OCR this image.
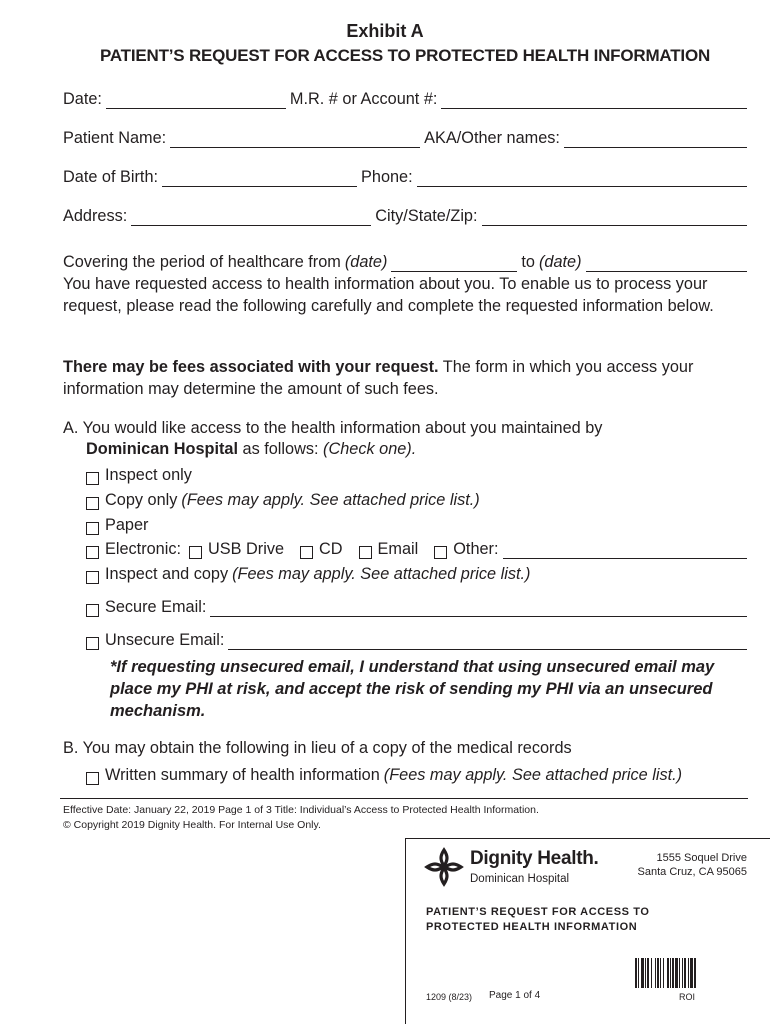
Exhibit A
PATIENT’S REQUEST FOR ACCESS TO PROTECTED HEALTH INFORMATION
Date:	M.R. # or Account #:
Patient Name:	AKA/Other names:
Date of Birth:	Phone:
Address:	City/State/Zip:
Covering the period of healthcare from (date)	to (date)
You have requested access to health information about you. To enable us to process your request, please read the following carefully and complete the requested information below.
There may be fees associated with your request. The form in which you access your information may determine the amount of such fees.
A. You would like access to the health information about you maintained by
Dominican Hospital as follows: (Check one).
Inspect only
Copy only (Fees may apply. See attached price list.)
Paper
Electronic: USB Drive CD Email Other:
Inspect and copy (Fees may apply. See attached price list.)
Secure Email:
Unsecure Email:
*If requesting unsecured email, I understand that using unsecured email may place my PHI at risk, and accept the risk of sending my PHI via an unsecured mechanism.
B. You may obtain the following in lieu of a copy of the medical records
Written summary of health information (Fees may apply. See attached price list.)
Effective Date: January 22, 2019 Page 1 of 3 Title: Individual’s Access to Protected Health Information.
© Copyright 2019 Dignity Health. For Internal Use Only.
Dignity Health.
Dominican Hospital
1555 Soquel Drive
Santa Cruz, CA 95065
PATIENT’S REQUEST FOR ACCESS TO
PROTECTED HEALTH INFORMATION
1209 (8/23) Page 1 of 4	ROI
